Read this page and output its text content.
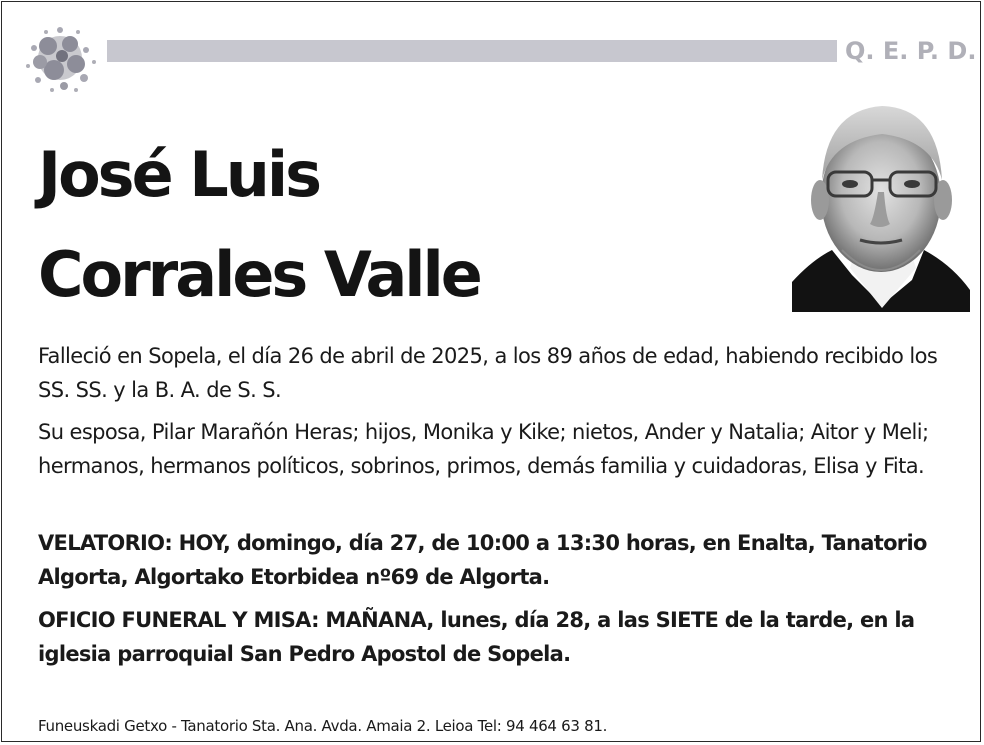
Q. E. P. D.
José Luis
Corrales Valle
Falleció en Sopela, el día 26 de abril de 2025, a los 89 años de edad, habiendo recibido los SS. SS. y la B. A. de S. S.
Su esposa, Pilar Marañón Heras; hijos, Monika y Kike; nietos, Ander y Natalia; Aitor y Meli; hermanos, hermanos políticos, sobrinos, primos, demás familia y cuidadoras, Elisa y Fita.
VELATORIO: HOY, domingo, día 27, de 10:00 a 13:30 horas, en Enalta, Tanatorio Algorta, Algortako Etorbidea nº69 de Algorta.
OFICIO FUNERAL Y MISA: MAÑANA, lunes, día 28, a las SIETE de la tarde, en la iglesia parroquial San Pedro Apostol de Sopela.
Funeuskadi Getxo - Tanatorio Sta. Ana. Avda. Amaia 2. Leioa Tel: 94 464 63 81.
